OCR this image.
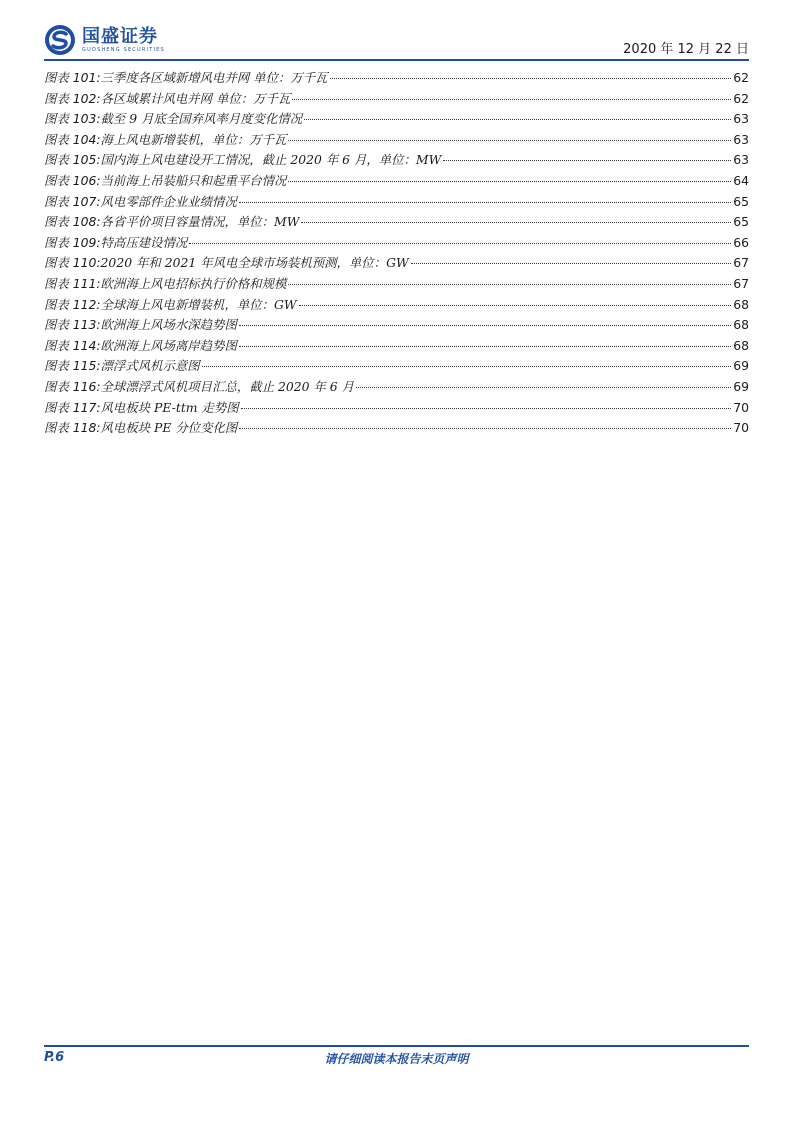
国盛证券
GUOSHENG SECURITIES	2020 年 12 月 22 日
图表 101: 三季度各区域新增风电并网 单位：万千瓦	62
图表 102: 各区域累计风电并网 单位：万千瓦	62
图表 103: 截至 9 月底全国弃风率月度变化情况	63
图表 104: 海上风电新增装机，单位：万千瓦	63
图表 105: 国内海上风电建设开工情况，截止 2020 年 6 月，单位：MW	63
图表 106: 当前海上吊装船只和起重平台情况	64
图表 107: 风电零部件企业业绩情况	65
图表 108: 各省平价项目容量情况，单位：MW	65
图表 109: 特高压建设情况	66
图表 110: 2020 年和 2021 年风电全球市场装机预测，单位：GW	67
图表 111: 欧洲海上风电招标执行价格和规模	67
图表 112: 全球海上风电新增装机，单位：GW	68
图表 113: 欧洲海上风场水深趋势图	68
图表 114: 欧洲海上风场离岸趋势图	68
图表 115: 漂浮式风机示意图	69
图表 116: 全球漂浮式风机项目汇总，截止 2020 年 6 月	69
图表 117: 风电板块 PE-ttm 走势图	70
图表 118: 风电板块 PE 分位变化图	70
P.6	请仔细阅读本报告末页声明
